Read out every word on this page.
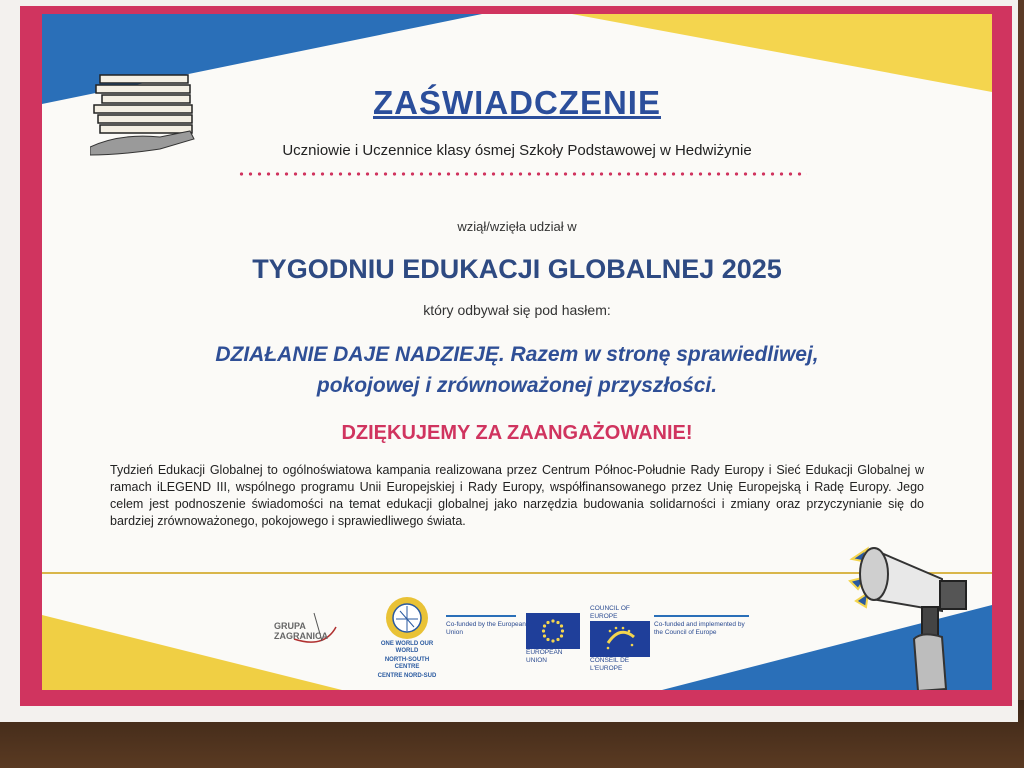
ZAŚWIADCZENIE
Uczniowie i Uczennice klasy ósmej Szkoły Podstawowej w Hedwiżynie
wziął/wzięła udział w
TYGODNIU EDUKACJI GLOBALNEJ 2025
który odbywał się pod hasłem:
DZIAŁANIE DAJE NADZIEJĘ. Razem w stronę sprawiedliwej,
pokojowej i zrównoważonej przyszłości.
DZIĘKUJEMY ZA ZAANGAŻOWANIE!
Tydzień Edukacji Globalnej to ogólnoświatowa kampania realizowana przez Centrum Północ-Południe Rady Europy i Sieć Edukacji Globalnej w ramach iLEGEND III, wspólnego programu Unii Europejskiej i Rady Europy, współfinansowanego przez Unię Europejską i Radę Europy. Jego celem jest podnoszenie świadomości na temat edukacji globalnej jako narzędzia budowania solidarności i zmiany oraz przyczynianie się do bardziej zrównoważonego, pokojowego i sprawiedliwego świata.
GRUPA ZAGRANICA
ONE WORLD OUR WORLD
NORTH-SOUTH CENTRE
CENTRE NORD-SUD
Co-funded by the European Union
EUROPEAN UNION
COUNCIL OF EUROPE
CONSEIL DE L'EUROPE
Co-funded and implemented by the Council of Europe
